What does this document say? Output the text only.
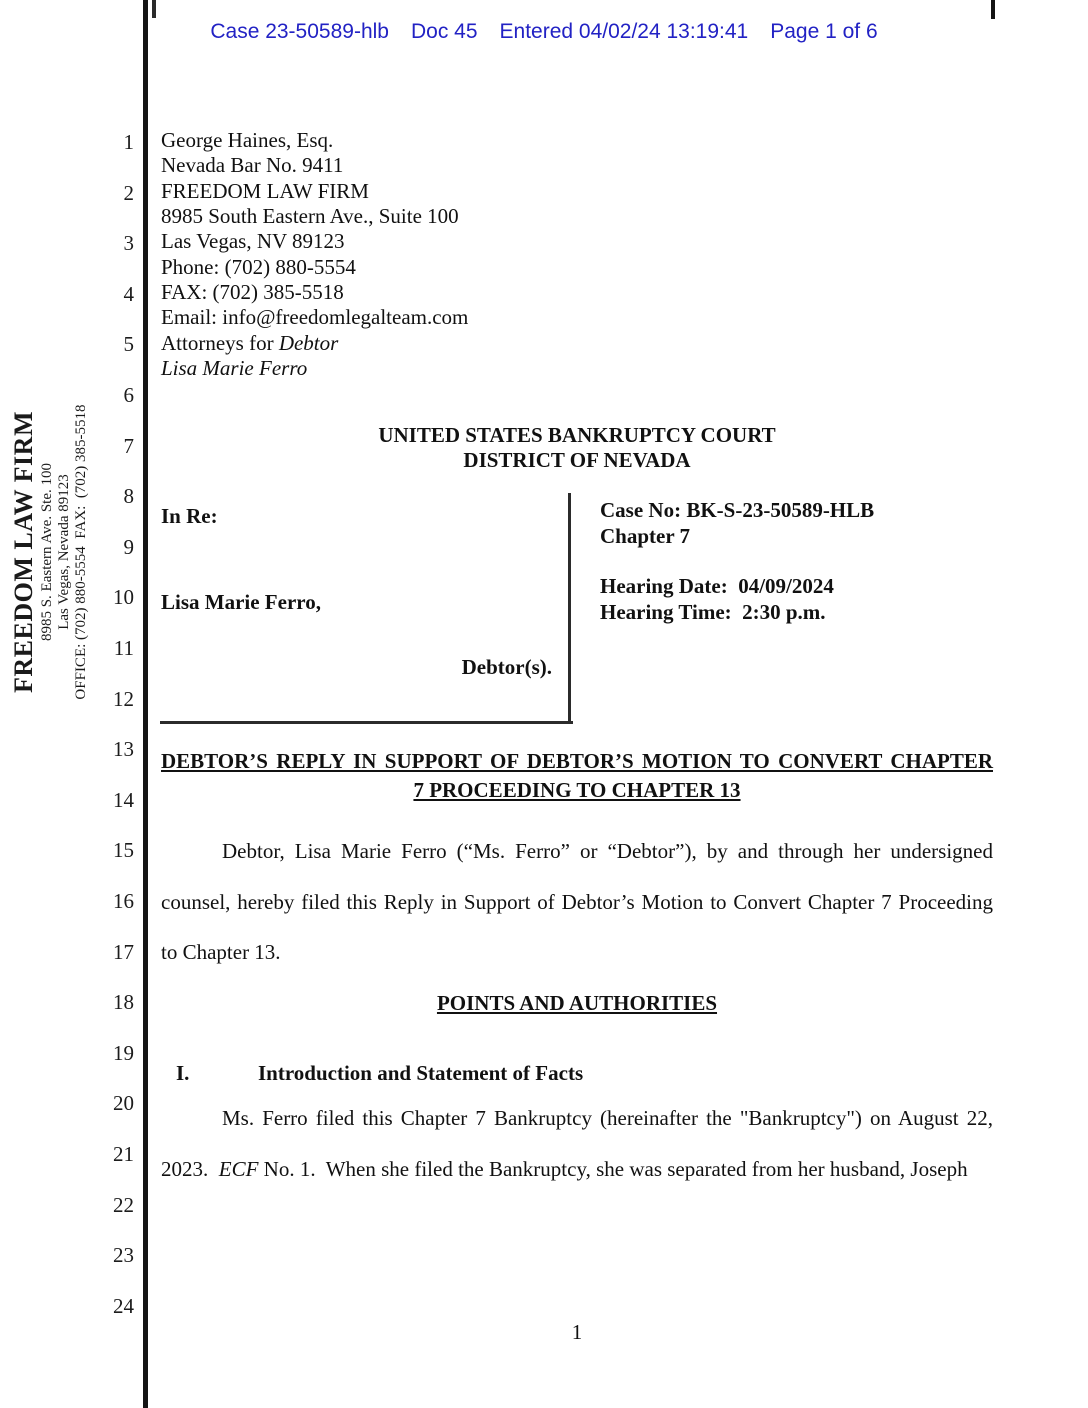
Case 23-50589-hlb Doc 45 Entered 04/02/24 13:19:41 Page 1 of 6
1
2
3
4
5
6
7
8
9
10
11
12
13
14
15
16
17
18
19
20
21
22
23
24
FREEDOM LAW FIRM 8985 S. Eastern Ave. Ste. 100 Las Vegas, Nevada 89123 OFFICE: (702) 880-5554  FAX:  (702) 385-5518
George Haines, Esq.
Nevada Bar No. 9411
FREEDOM LAW FIRM
8985 South Eastern Ave., Suite 100
Las Vegas, NV 89123
Phone: (702) 880-5554
FAX: (702) 385-5518
Email: info@freedomlegalteam.com
Attorneys for Debtor
Lisa Marie Ferro
UNITED STATES BANKRUPTCY COURT
DISTRICT OF NEVADA
In Re:
Lisa Marie Ferro,
Debtor(s).
Case No: BK-S-23-50589-HLB
Chapter 7
Hearing Date:  04/09/2024
Hearing Time:  2:30 p.m.
DEBTOR’S REPLY IN SUPPORT OF DEBTOR’S MOTION TO CONVERT CHAPTER
7 PROCEEDING TO CHAPTER 13
Debtor, Lisa Marie Ferro (“Ms. Ferro” or “Debtor”), by and through her undersigned
counsel, hereby filed this Reply in Support of Debtor’s Motion to Convert Chapter 7 Proceeding
to Chapter 13.
POINTS AND AUTHORITIES
I.	Introduction and Statement of Facts
Ms. Ferro filed this Chapter 7 Bankruptcy (hereinafter the "Bankruptcy") on August 22,
2023.  ECF No. 1.  When she filed the Bankruptcy, she was separated from her husband, Joseph
1
